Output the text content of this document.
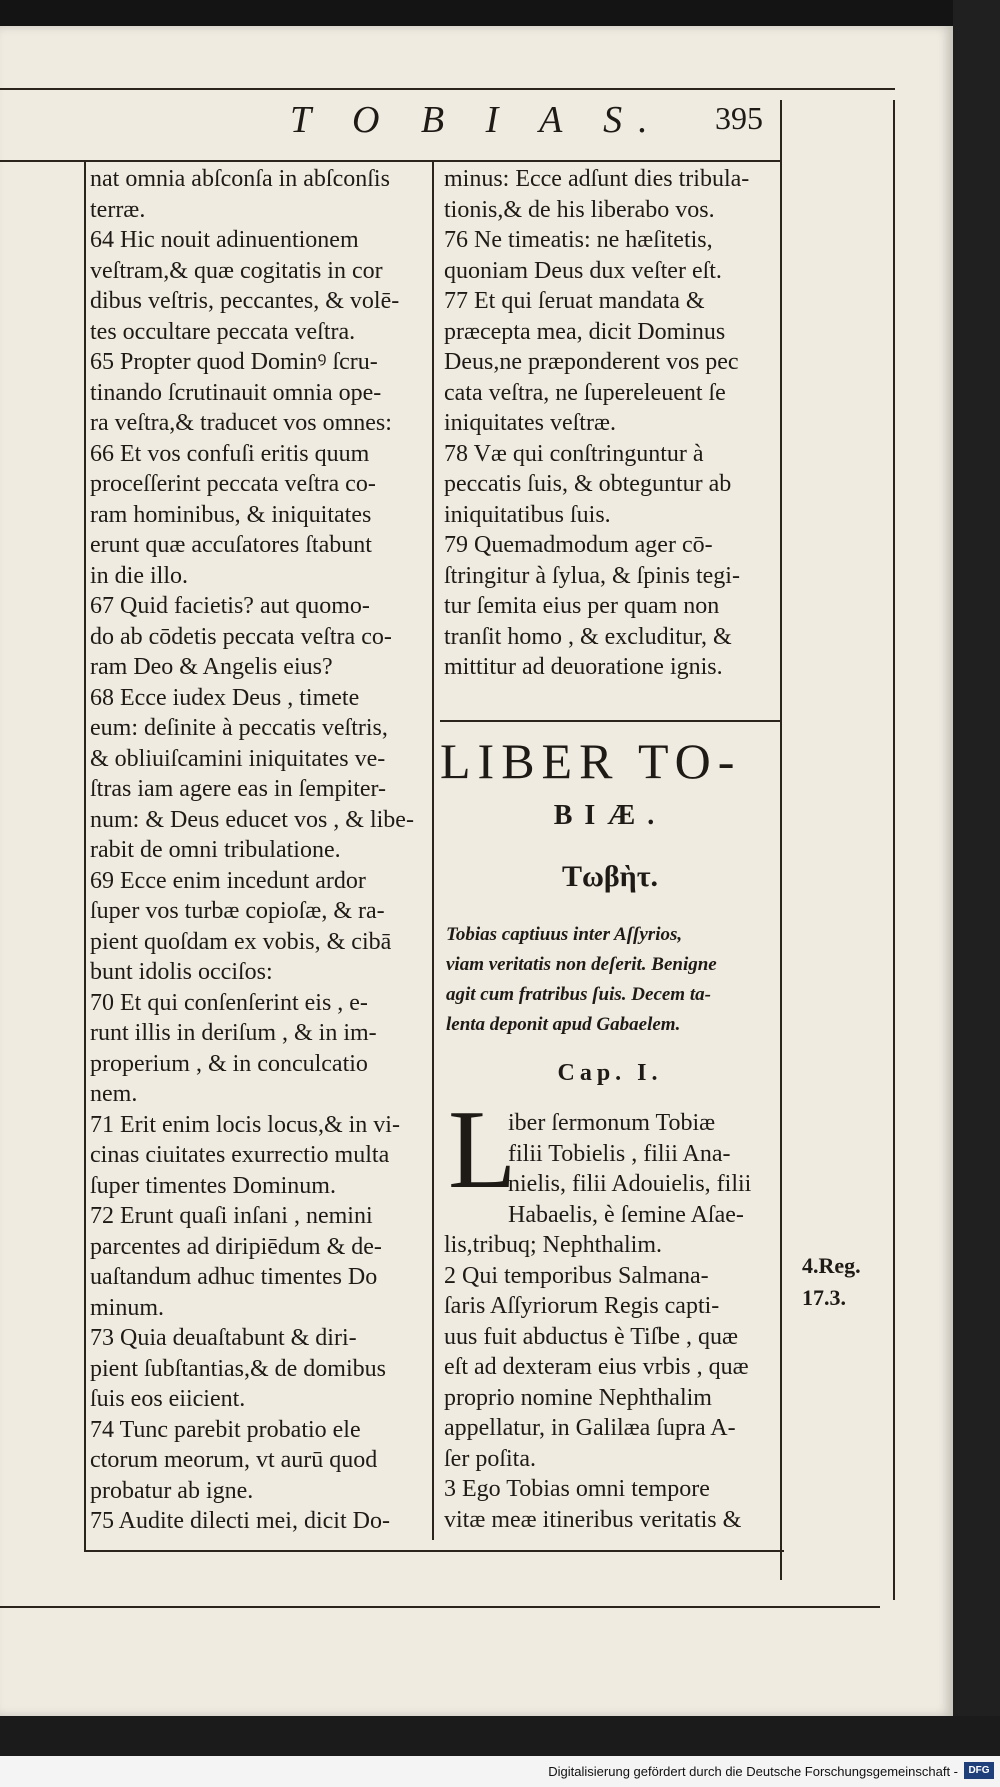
T O B I A S. 395
nat omnia abſconſa in abſconſis
terræ.
64 Hic nouit adinuentionem
veſtram,& quæ cogitatis in cor
dibus veſtris, peccantes, & volē-
tes occultare peccata veſtra.
65 Propter quod Dominꝰ ſcru-
tinando ſcrutinauit omnia ope-
ra veſtra,& traducet vos omnes:
66 Et vos confuſi eritis quum
proceſſerint peccata veſtra co-
ram hominibus, & iniquitates
erunt quæ accuſatores ſtabunt
in die illo.
67 Quid facietis? aut quomo-
do ab cōdetis peccata veſtra co-
ram Deo & Angelis eius?
68 Ecce iudex Deus , timete
eum: deſinite à peccatis veſtris,
& obliuiſcamini iniquitates ve-
ſtras iam agere eas in ſempiter-
num: & Deus educet vos , & libe-
rabit de omni tribulatione.
69 Ecce enim incedunt ardor
ſuper vos turbæ copioſæ, & ra-
pient quoſdam ex vobis, & cibā
bunt idolis occiſos:
70 Et qui conſenſerint eis , e-
runt illis in deriſum , & in im-
properium , & in conculcatio
nem.
71 Erit enim locis locus,& in vi-
cinas ciuitates exurrectio multa
ſuper timentes Dominum.
72 Erunt quaſi inſani , nemini
parcentes ad diripiēdum & de-
uaſtandum adhuc timentes Do
minum.
73 Quia deuaſtabunt & diri-
pient ſubſtantias,& de domibus
ſuis eos eiicient.
74 Tunc parebit probatio ele
ctorum meorum, vt aurū quod
probatur ab igne.
75 Audite dilecti mei, dicit Do-
minus: Ecce adſunt dies tribula-
tionis,& de his liberabo vos.
76 Ne timeatis: ne hæſitetis,
quoniam Deus dux veſter eſt.
77 Et qui ſeruat mandata &
præcepta mea, dicit Dominus
Deus,ne præponderent vos pec
cata veſtra, ne ſupereleuent ſe
iniquitates veſtræ.
78 Væ qui conſtringuntur à
peccatis ſuis, & obteguntur ab
iniquitatibus ſuis.
79 Quemadmodum ager cō-
ſtringitur à ſylua, & ſpinis tegi-
tur ſemita eius per quam non
tranſit homo , & excluditur, &
mittitur ad deuoratione ignis.
LIBER TO-
BIÆ.
Τωβὴτ.
Tobias captiuus inter Aſſyrios,
viam veritatis non deſerit. Benigne
agit cum fratribus ſuis. Decem ta-
lenta deponit apud Gabaelem.
Cap. I.
L
iber ſermonum Tobiæ
filii Tobielis , filii Ana-
nielis, filii Adouielis, filii
Habaelis, è ſemine Aſae-
lis,tribuq; Nephthalim.
2 Qui temporibus Salmana-
ſaris Aſſyriorum Regis capti-
uus fuit abductus è Tiſbe , quæ
eſt ad dexteram eius vrbis , quæ
proprio nomine Nephthalim
appellatur, in Galilæa ſupra A-
ſer poſita.
3 Ego Tobias omni tempore
vitæ meæ itineribus veritatis &
4.Reg.
17.3.
Digitalisierung gefördert durch die Deutsche Forschungsgemeinschaft -	DFG
